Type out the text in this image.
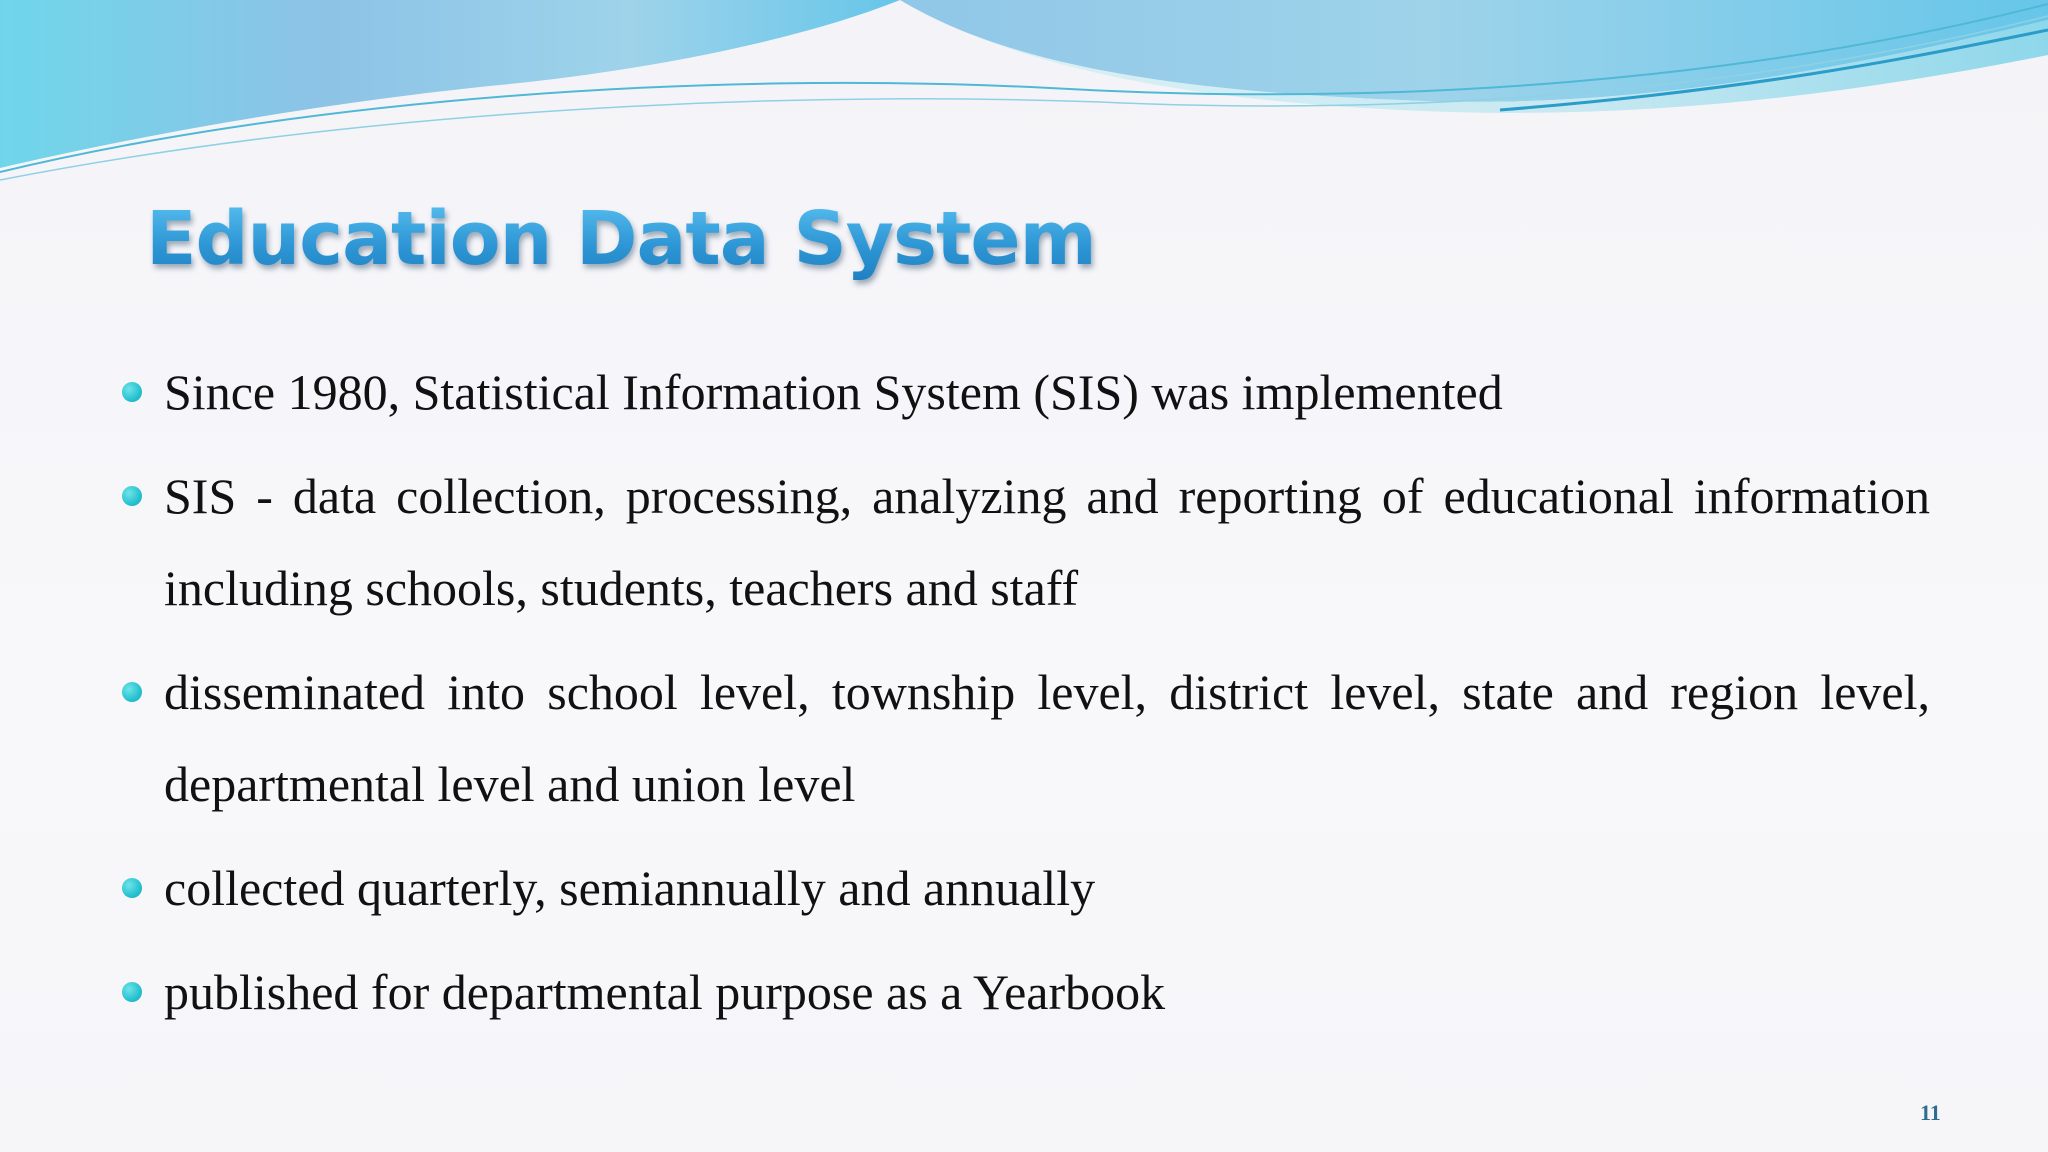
Education Data System
Since 1980, Statistical Information System (SIS) was implemented
SIS - data collection, processing, analyzing and reporting of educational information including schools, students, teachers and staff
disseminated into school level, township level, district level, state and region level, departmental level and union level
collected quarterly, semiannually and annually
published for departmental purpose as a Yearbook
11
